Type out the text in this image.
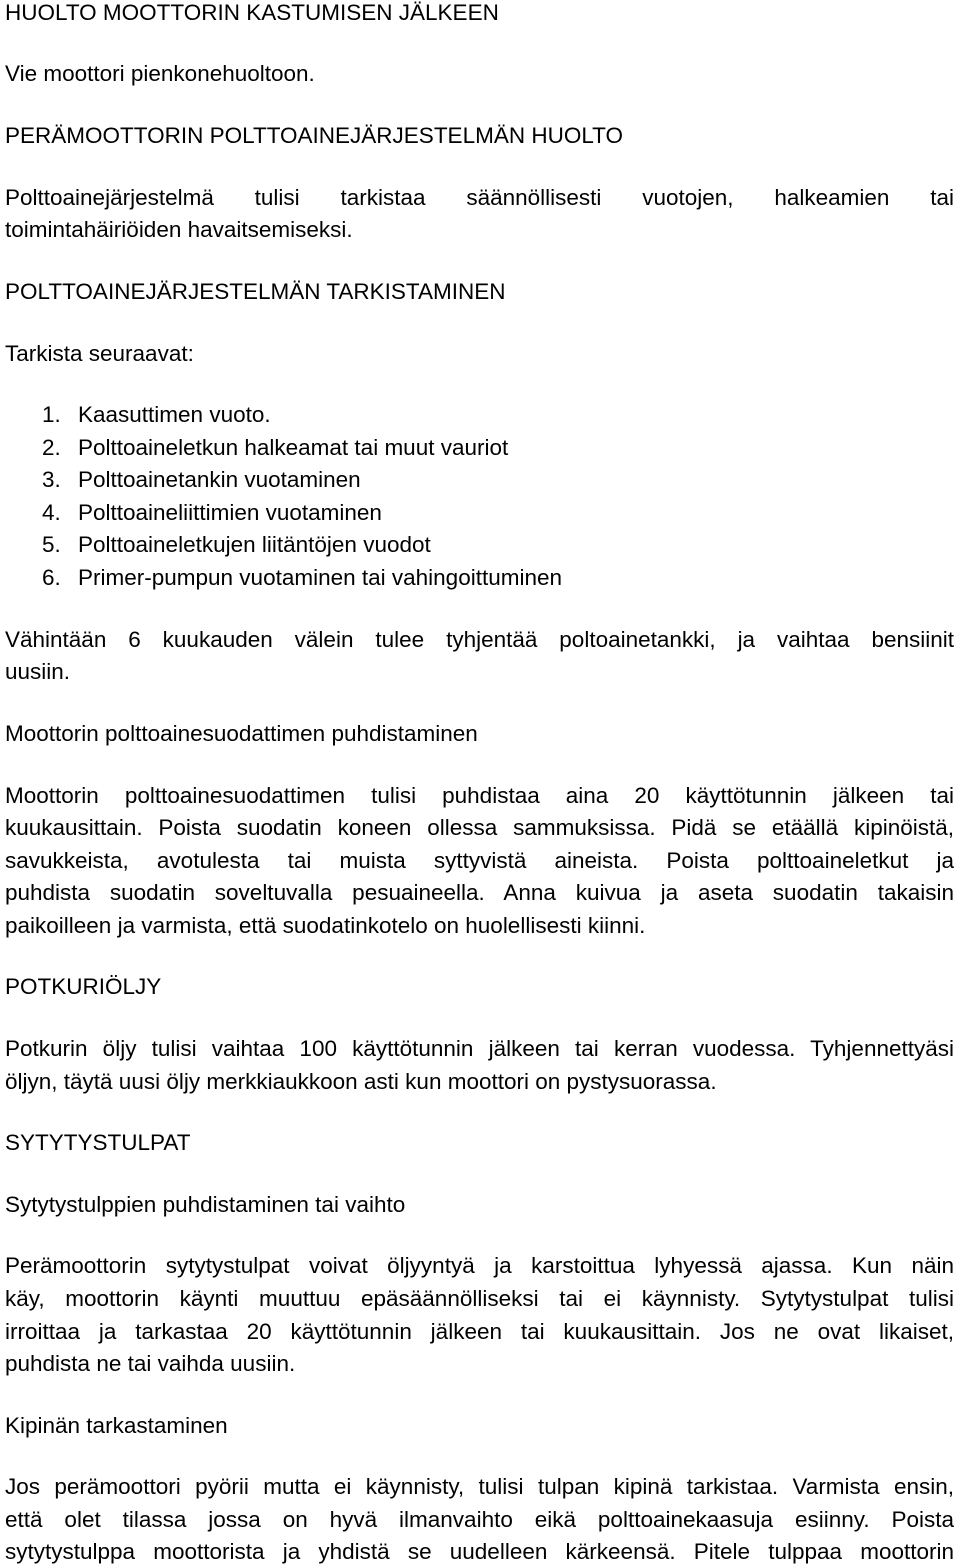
HUOLTO MOOTTORIN KASTUMISEN JÄLKEEN
Vie moottori pienkonehuoltoon.
PERÄMOOTTORIN POLTTOAINEJÄRJESTELMÄN HUOLTO
Polttoainejärjestelmä tulisi tarkistaa säännöllisesti vuotojen, halkeamien tai
toimintahäiriöiden havaitsemiseksi.
POLTTOAINEJÄRJESTELMÄN TARKISTAMINEN
Tarkista seuraavat:
1. Kaasuttimen vuoto.
2. Polttoaineletkun halkeamat tai muut vauriot
3. Polttoainetankin vuotaminen
4. Polttoaineliittimien vuotaminen
5. Polttoaineletkujen liitäntöjen vuodot
6. Primer-pumpun vuotaminen tai vahingoittuminen
Vähintään 6 kuukauden välein tulee tyhjentää poltoainetankki, ja vaihtaa bensiinit
uusiin.
Moottorin polttoainesuodattimen puhdistaminen
Moottorin polttoainesuodattimen tulisi puhdistaa aina 20 käyttötunnin jälkeen tai
kuukausittain. Poista suodatin koneen ollessa sammuksissa. Pidä se etäällä kipinöistä,
savukkeista, avotulesta tai muista syttyvistä aineista. Poista polttoaineletkut ja
puhdista suodatin soveltuvalla pesuaineella. Anna kuivua ja aseta suodatin takaisin
paikoilleen ja varmista, että suodatinkotelo on huolellisesti kiinni.
POTKURIÖLJY
Potkurin öljy tulisi vaihtaa 100 käyttötunnin jälkeen tai kerran vuodessa. Tyhjennettyäsi
öljyn, täytä uusi öljy merkkiaukkoon asti kun moottori on pystysuorassa.
SYTYTYSTULPAT
Sytytystulppien puhdistaminen tai vaihto
Perämoottorin sytytystulpat voivat öljyyntyä ja karstoittua lyhyessä ajassa. Kun näin
käy, moottorin käynti muuttuu epäsäännölliseksi tai ei käynnisty. Sytytystulpat tulisi
irroittaa ja tarkastaa 20 käyttötunnin jälkeen tai kuukausittain. Jos ne ovat likaiset,
puhdista ne tai vaihda uusiin.
Kipinän tarkastaminen
Jos perämoottori pyörii mutta ei käynnisty, tulisi tulpan kipinä tarkistaa. Varmista ensin,
että olet tilassa jossa on hyvä ilmanvaihto eikä polttoainekaasuja esiinny. Poista
sytytystulppa moottorista ja yhdistä se uudelleen kärkeensä. Pitele tulppaa moottorin
